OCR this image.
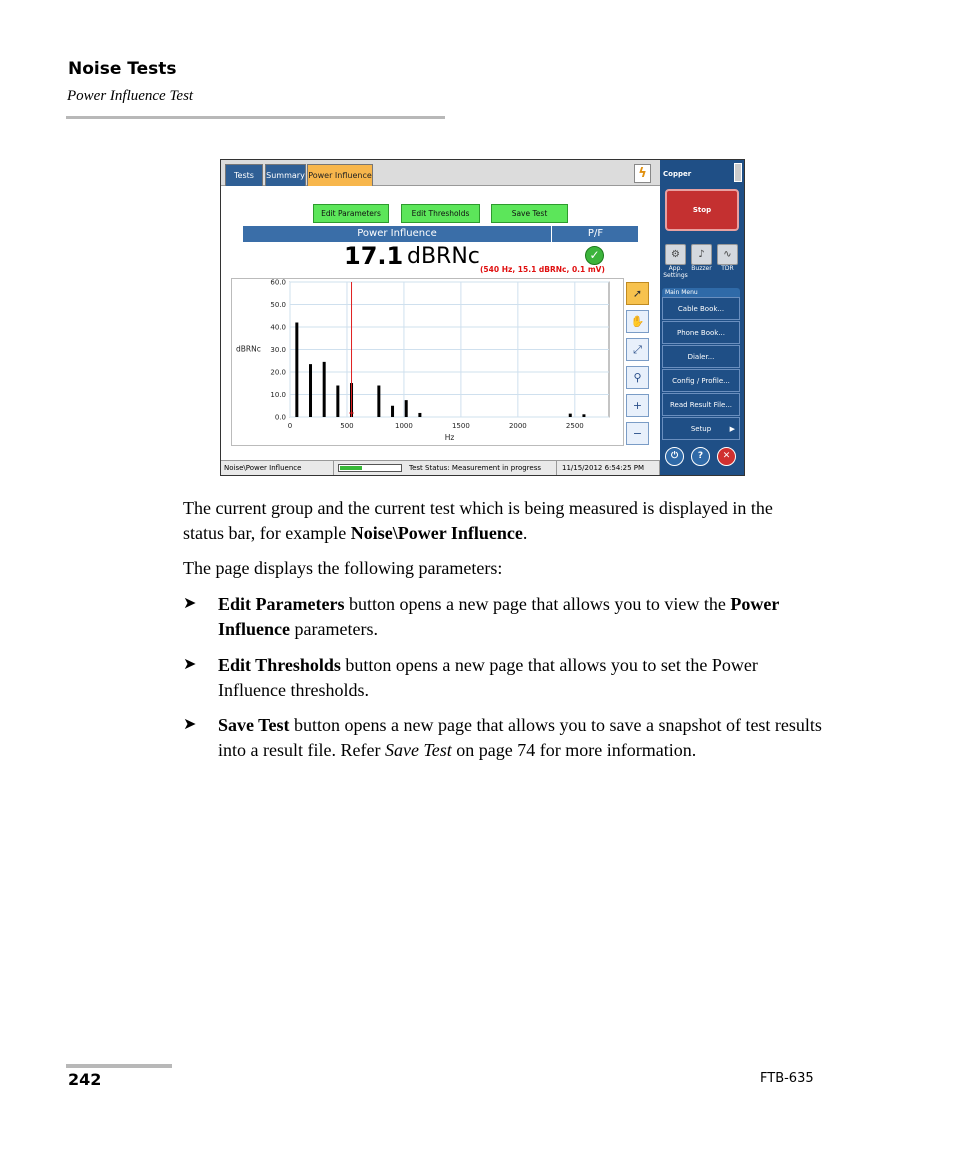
Noise Tests
Power Influence Test
Tests	Summary Power Influence	ϟ
Edit Parameters	Edit Thresholds	Save Test
Power Influence	P/F
17.1 dBRNc	✓
(540 Hz, 15.1 dBRNc, 0.1 mV)
60.0
50.0
40.0
30.0
20.0
10.0
0.0
0	500	1000	1500	2000	2500
dBRNc
Hz
+
➚
✋
⤢
⚲
+
−
Noise\Power Influence	Test Status: Measurement in progress	11/15/2012 6:54:25 PM
Copper
Stop
⚙
App. Settings
♪
Buzzer
∿
TDR
Main Menu
Cable Book...
Phone Book...
Dialer...
Config / Profile...
Read Result File...
Setup	▶
⏻	?	✕
The current group and the current test which is being measured is displayed in the status bar, for example Noise\Power Influence.
The page displays the following parameters:
➤ Edit Parameters button opens a new page that allows you to view the Power Influence parameters.
➤ Edit Thresholds button opens a new page that allows you to set the Power Influence thresholds.
➤ Save Test button opens a new page that allows you to save a snapshot of test results into a result file. Refer Save Test on page 74 for more information.
242	FTB-635
